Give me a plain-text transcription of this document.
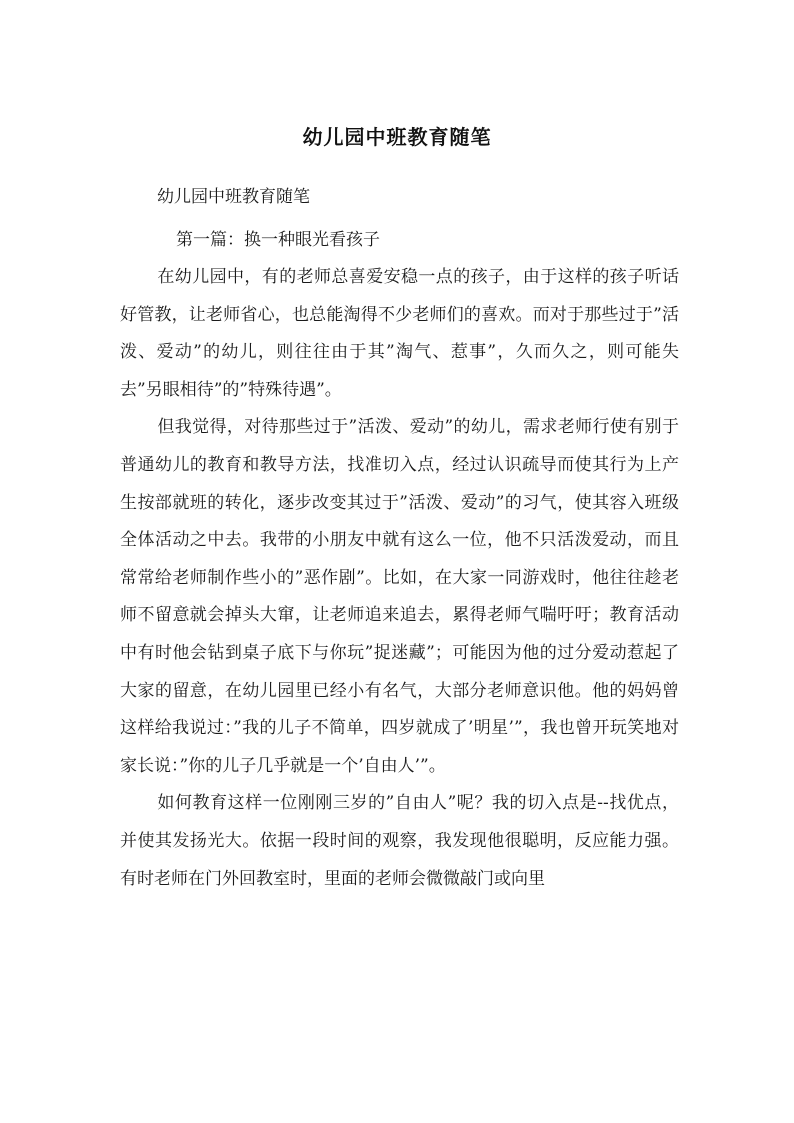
幼儿园中班教育随笔
幼儿园中班教育随笔
第一篇：换一种眼光看孩子

在幼儿园中，有的老师总喜爱安稳一点的孩子，由于这样的孩子听话好管教，让老师省心，也总能淘得不少老师们的喜欢。而对于那些过于”活泼、爱动”的幼儿，则往往由于其”淘气、惹事”，久而久之，则可能失去”另眼相待”的”特殊待遇”。

但我觉得，对待那些过于”活泼、爱动”的幼儿，需求老师行使有别于普通幼儿的教育和教导方法，找准切入点，经过认识疏导而使其行为上产生按部就班的转化，逐步改变其过于”活泼、爱动”的习气，使其容入班级全体活动之中去。我带的小朋友中就有这么一位，他不只活泼爱动，而且常常给老师制作些小的”恶作剧”。比如，在大家一同游戏时，他往往趁老师不留意就会掉头大窜，让老师追来追去，累得老师气喘吁吁；教育活动中有时他会钻到桌子底下与你玩”捉迷藏”；可能因为他的过分爱动惹起了大家的留意，在幼儿园里已经小有名气，大部分老师意识他。他的妈妈曾这样给我说过：”我的儿子不简单，四岁就成了’明星’”，我也曾开玩笑地对家长说：”你的儿子几乎就是一个’自由人’”。

如何教育这样一位刚刚三岁的”自由人”呢？我的切入点是--找优点，并使其发扬光大。依据一段时间的观察，我发现他很聪明，反应能力强。有时老师在门外回教室时，里面的老师会微微敲门或向里
